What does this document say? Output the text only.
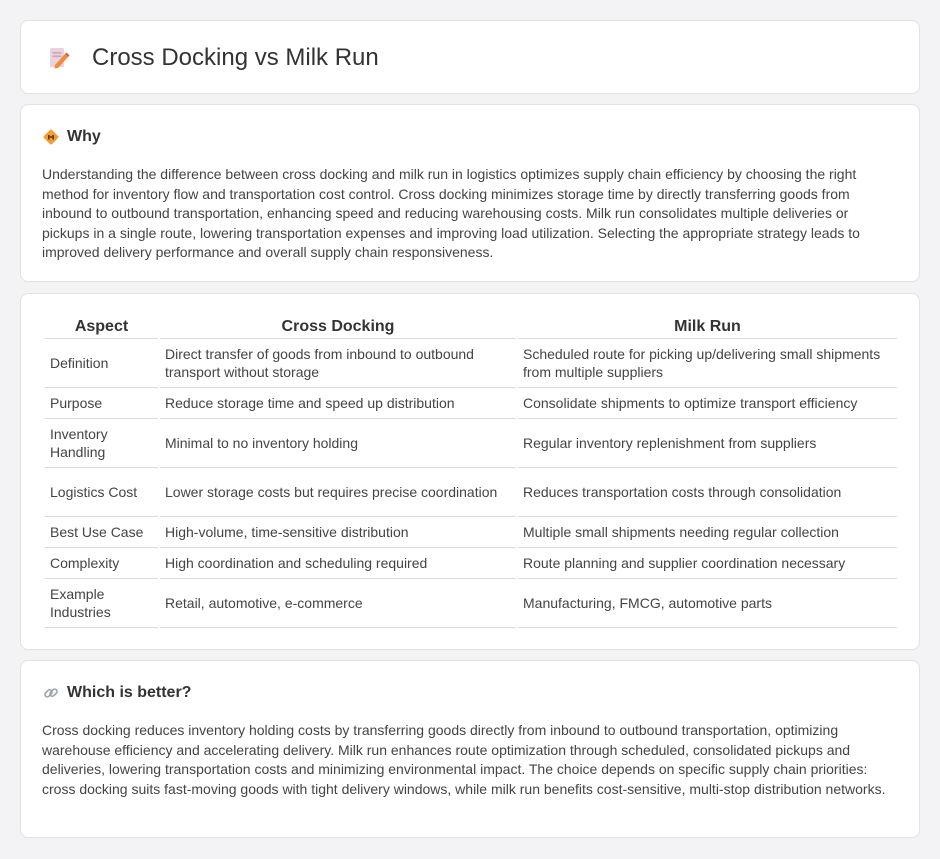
Cross Docking vs Milk Run
Why

Understanding the difference between cross docking and milk run in logistics optimizes supply chain efficiency by choosing the right method for inventory flow and transportation cost control. Cross docking minimizes storage time by directly transferring goods from inbound to outbound transportation, enhancing speed and reducing warehousing costs. Milk run consolidates multiple deliveries or pickups in a single route, lowering transportation expenses and improving load utilization. Selecting the appropriate strategy leads to improved delivery performance and overall supply chain responsiveness.

Aspect	Cross Docking	Milk Run
Definition	Direct transfer of goods from inbound to outbound transport without storage	Scheduled route for picking up/delivering small shipments from multiple suppliers
Purpose	Reduce storage time and speed up distribution	Consolidate shipments to optimize transport efficiency
Inventory Handling	Minimal to no inventory holding	Regular inventory replenishment from suppliers
Logistics Cost	Lower storage costs but requires precise coordination	Reduces transportation costs through consolidation
Best Use Case	High-volume, time-sensitive distribution	Multiple small shipments needing regular collection
Complexity	High coordination and scheduling required	Route planning and supplier coordination necessary
Example Industries	Retail, automotive, e-commerce	Manufacturing, FMCG, automotive parts
Which is better?

Cross docking reduces inventory holding costs by transferring goods directly from inbound to outbound transportation, optimizing warehouse efficiency and accelerating delivery. Milk run enhances route optimization through scheduled, consolidated pickups and deliveries, lowering transportation costs and minimizing environmental impact. The choice depends on specific supply chain priorities: cross docking suits fast-moving goods with tight delivery windows, while milk run benefits cost-sensitive, multi-stop distribution networks.
